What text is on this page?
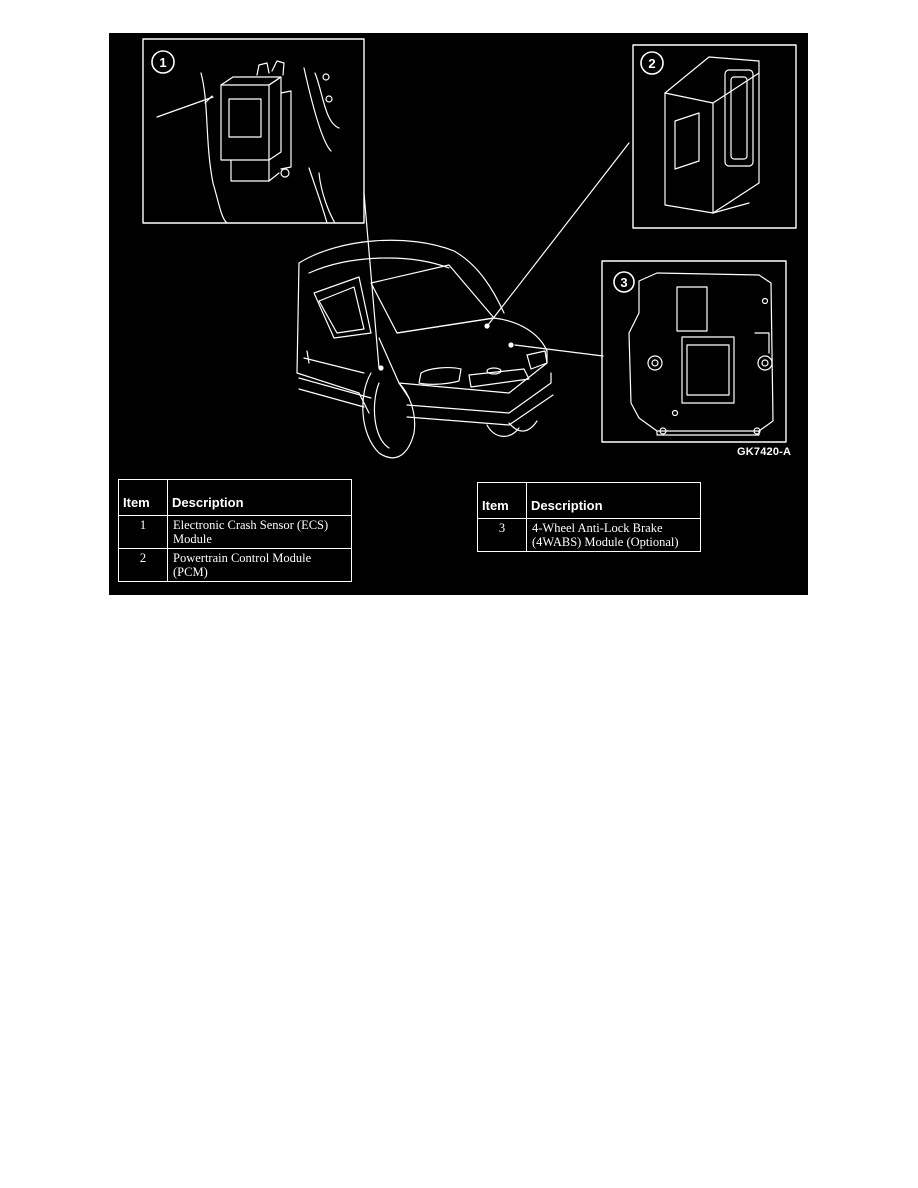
1	2
3
GK7420-A
Item	Description
1	Electronic Crash Sensor (ECS) Module
2	Powertrain Control Module (PCM)
Item	Description
3	4-Wheel Anti-Lock Brake (4WABS) Module (Optional)
